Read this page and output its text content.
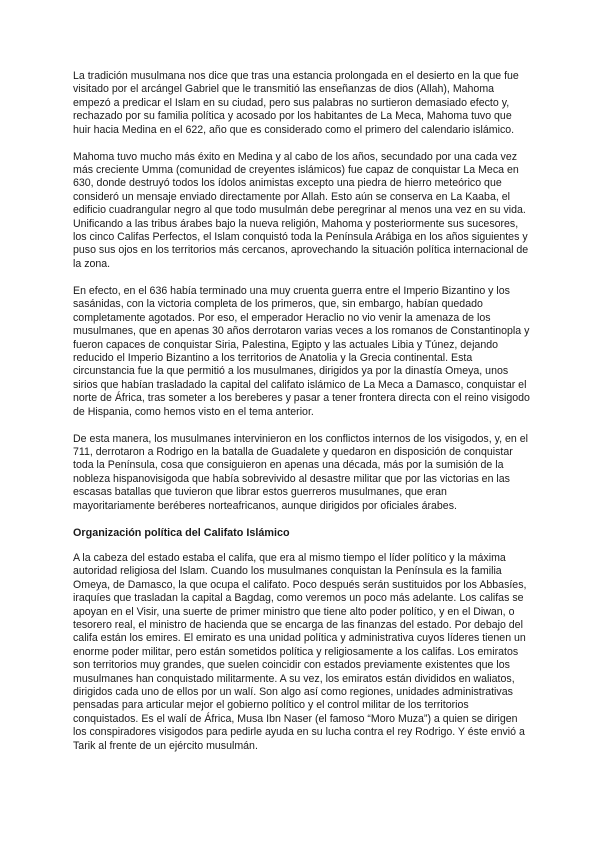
La tradición musulmana nos dice que tras una estancia prolongada en el desierto en la que fue visitado por el arcángel Gabriel que le transmitió las enseñanzas de dios (Allah), Mahoma empezó a predicar el Islam en su ciudad, pero sus palabras no surtieron demasiado efecto y, rechazado por su familia política y acosado por los habitantes de La Meca, Mahoma tuvo que huir hacia Medina en el 622, año que es considerado como el primero del calendario islámico.

Mahoma tuvo mucho más éxito en Medina y al cabo de los años, secundado por una cada vez más creciente Umma (comunidad de creyentes islámicos) fue capaz de conquistar La Meca en 630, donde destruyó todos los ídolos animistas excepto una piedra de hierro meteórico que consideró un mensaje enviado directamente por Allah. Esto aún se conserva en La Kaaba, el edificio cuadrangular negro al que todo musulmán debe peregrinar al menos una vez en su vida. Unificando a las tribus árabes bajo la nueva religión, Mahoma y posteriormente sus sucesores, los cinco Califas Perfectos, el Islam conquistó toda la Península Arábiga en los años siguientes y puso sus ojos en los territorios más cercanos, aprovechando la situación política internacional de la zona.

En efecto, en el 636 había terminado una muy cruenta guerra entre el Imperio Bizantino y los sasánidas, con la victoria completa de los primeros, que, sin embargo, habían quedado completamente agotados. Por eso, el emperador Heraclio no vio venir la amenaza de los musulmanes, que en apenas 30 años derrotaron varias veces a los romanos de Constantinopla y fueron capaces de conquistar Siria, Palestina, Egipto y las actuales Libia y Túnez, dejando reducido el Imperio Bizantino a los territorios de Anatolia y la Grecia continental. Esta circunstancia fue la que permitió a los musulmanes, dirigidos ya por la dinastía Omeya, unos sirios que habían trasladado la capital del califato islámico de La Meca a Damasco, conquistar el norte de África, tras someter a los bereberes y pasar a tener frontera directa con el reino visigodo de Hispania, como hemos visto en el tema anterior.

De esta manera, los musulmanes intervinieron en los conflictos internos de los visigodos, y, en el 711, derrotaron a Rodrigo en la batalla de Guadalete y quedaron en disposición de conquistar toda la Península, cosa que consiguieron en apenas una década, más por la sumisión de la nobleza hispanovisigoda que había sobrevivido al desastre militar que por las victorias en las escasas batallas que tuvieron que librar estos guerreros musulmanes, que eran mayoritariamente beréberes norteafricanos, aunque dirigidos por oficiales árabes.

Organización política del Califato Islámico

A la cabeza del estado estaba el califa, que era al mismo tiempo el líder político y la máxima autoridad religiosa del Islam. Cuando los musulmanes conquistan la Península es la familia Omeya, de Damasco, la que ocupa el califato. Poco después serán sustituidos por los Abbasíes, iraquíes que trasladan la capital a Bagdag, como veremos un poco más adelante. Los califas se apoyan en el Visir, una suerte de primer ministro que tiene alto poder político, y en el Diwan, o tesorero real, el ministro de hacienda que se encarga de las finanzas del estado. Por debajo del califa están los emires. El emirato es una unidad política y administrativa cuyos líderes tienen un enorme poder militar, pero están sometidos política y religiosamente a los califas. Los emiratos son territorios muy grandes, que suelen coincidir con estados previamente existentes que los musulmanes han conquistado militarmente. A su vez, los emiratos están divididos en waliatos, dirigidos cada uno de ellos por un walí. Son algo así como regiones, unidades administrativas pensadas para articular mejor el gobierno político y el control militar de los territorios conquistados. Es el walí de África, Musa Ibn Naser (el famoso “Moro Muza”) a quien se dirigen los conspiradores visigodos para pedirle ayuda en su lucha contra el rey Rodrigo. Y éste envió a Tarik al frente de un ejército musulmán.
